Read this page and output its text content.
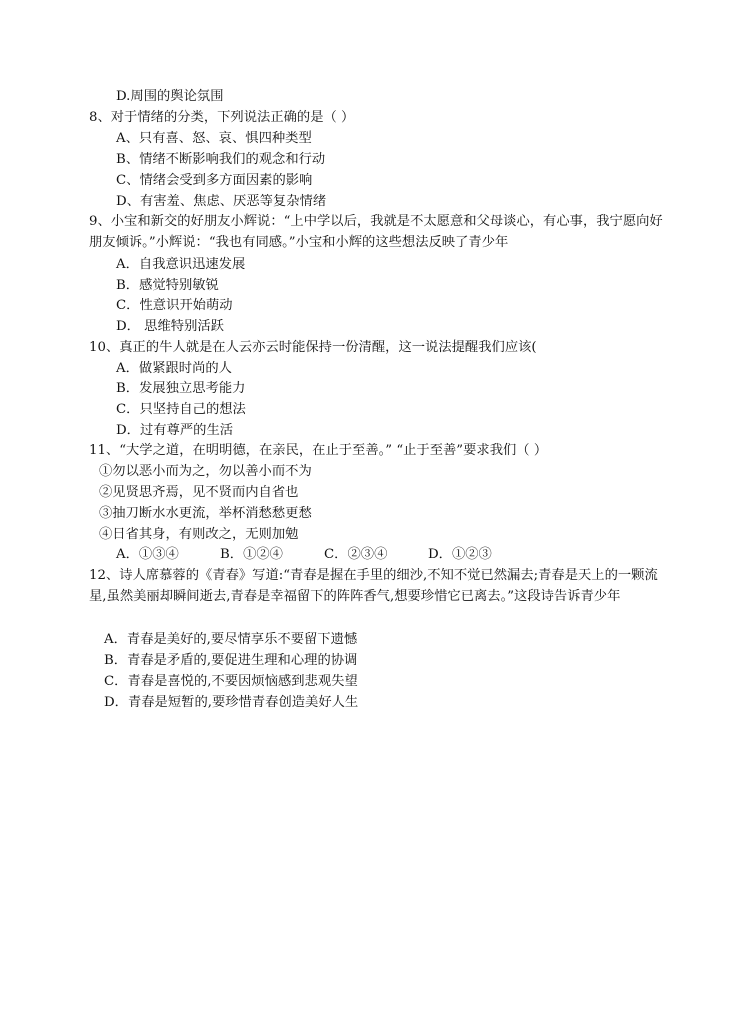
D.周围的舆论氛围
8、对于情绪的分类，下列说法正确的是（ ）
A、只有喜、怒、哀、惧四种类型
B、情绪不断影响我们的观念和行动
C、情绪会受到多方面因素的影响
D、有害羞、焦虑、厌恶等复杂情绪
9、小宝和新交的好朋友小辉说：“上中学以后，我就是不太愿意和父母谈心，有心事，我宁愿向好朋友倾诉。”小辉说：“我也有同感。”小宝和小辉的这些想法反映了青少年
A．自我意识迅速发展
B．感觉特别敏锐
C．性意识开始萌动
D． 思维特别活跃
10、真正的牛人就是在人云亦云时能保持一份清醒，这一说法提醒我们应该(
A．做紧跟时尚的人
B．发展独立思考能力
C．只坚持自己的想法
D．过有尊严的生活
11、“大学之道，在明明德，在亲民，在止于至善。” “止于至善”要求我们（ ）
①勿以恶小而为之，勿以善小而不为
②见贤思齐焉，见不贤而内自省也
③抽刀断水水更流，举杯消愁愁更愁
④日省其身，有则改之，无则加勉
A．①③④	B．①②④	C．②③④	D．①②③
12、诗人席慕蓉的《青春》写道:“青春是握在手里的细沙,不知不觉已然漏去;青春是天上的一颗流星,虽然美丽却瞬间逝去,青春是幸福留下的阵阵香气,想要珍惜它已离去。”这段诗告诉青少年
A．青春是美好的,要尽情享乐不要留下遗憾
B．青春是矛盾的,要促进生理和心理的协调
C．青春是喜悦的,不要因烦恼感到悲观失望
D．青春是短暂的,要珍惜青春创造美好人生
